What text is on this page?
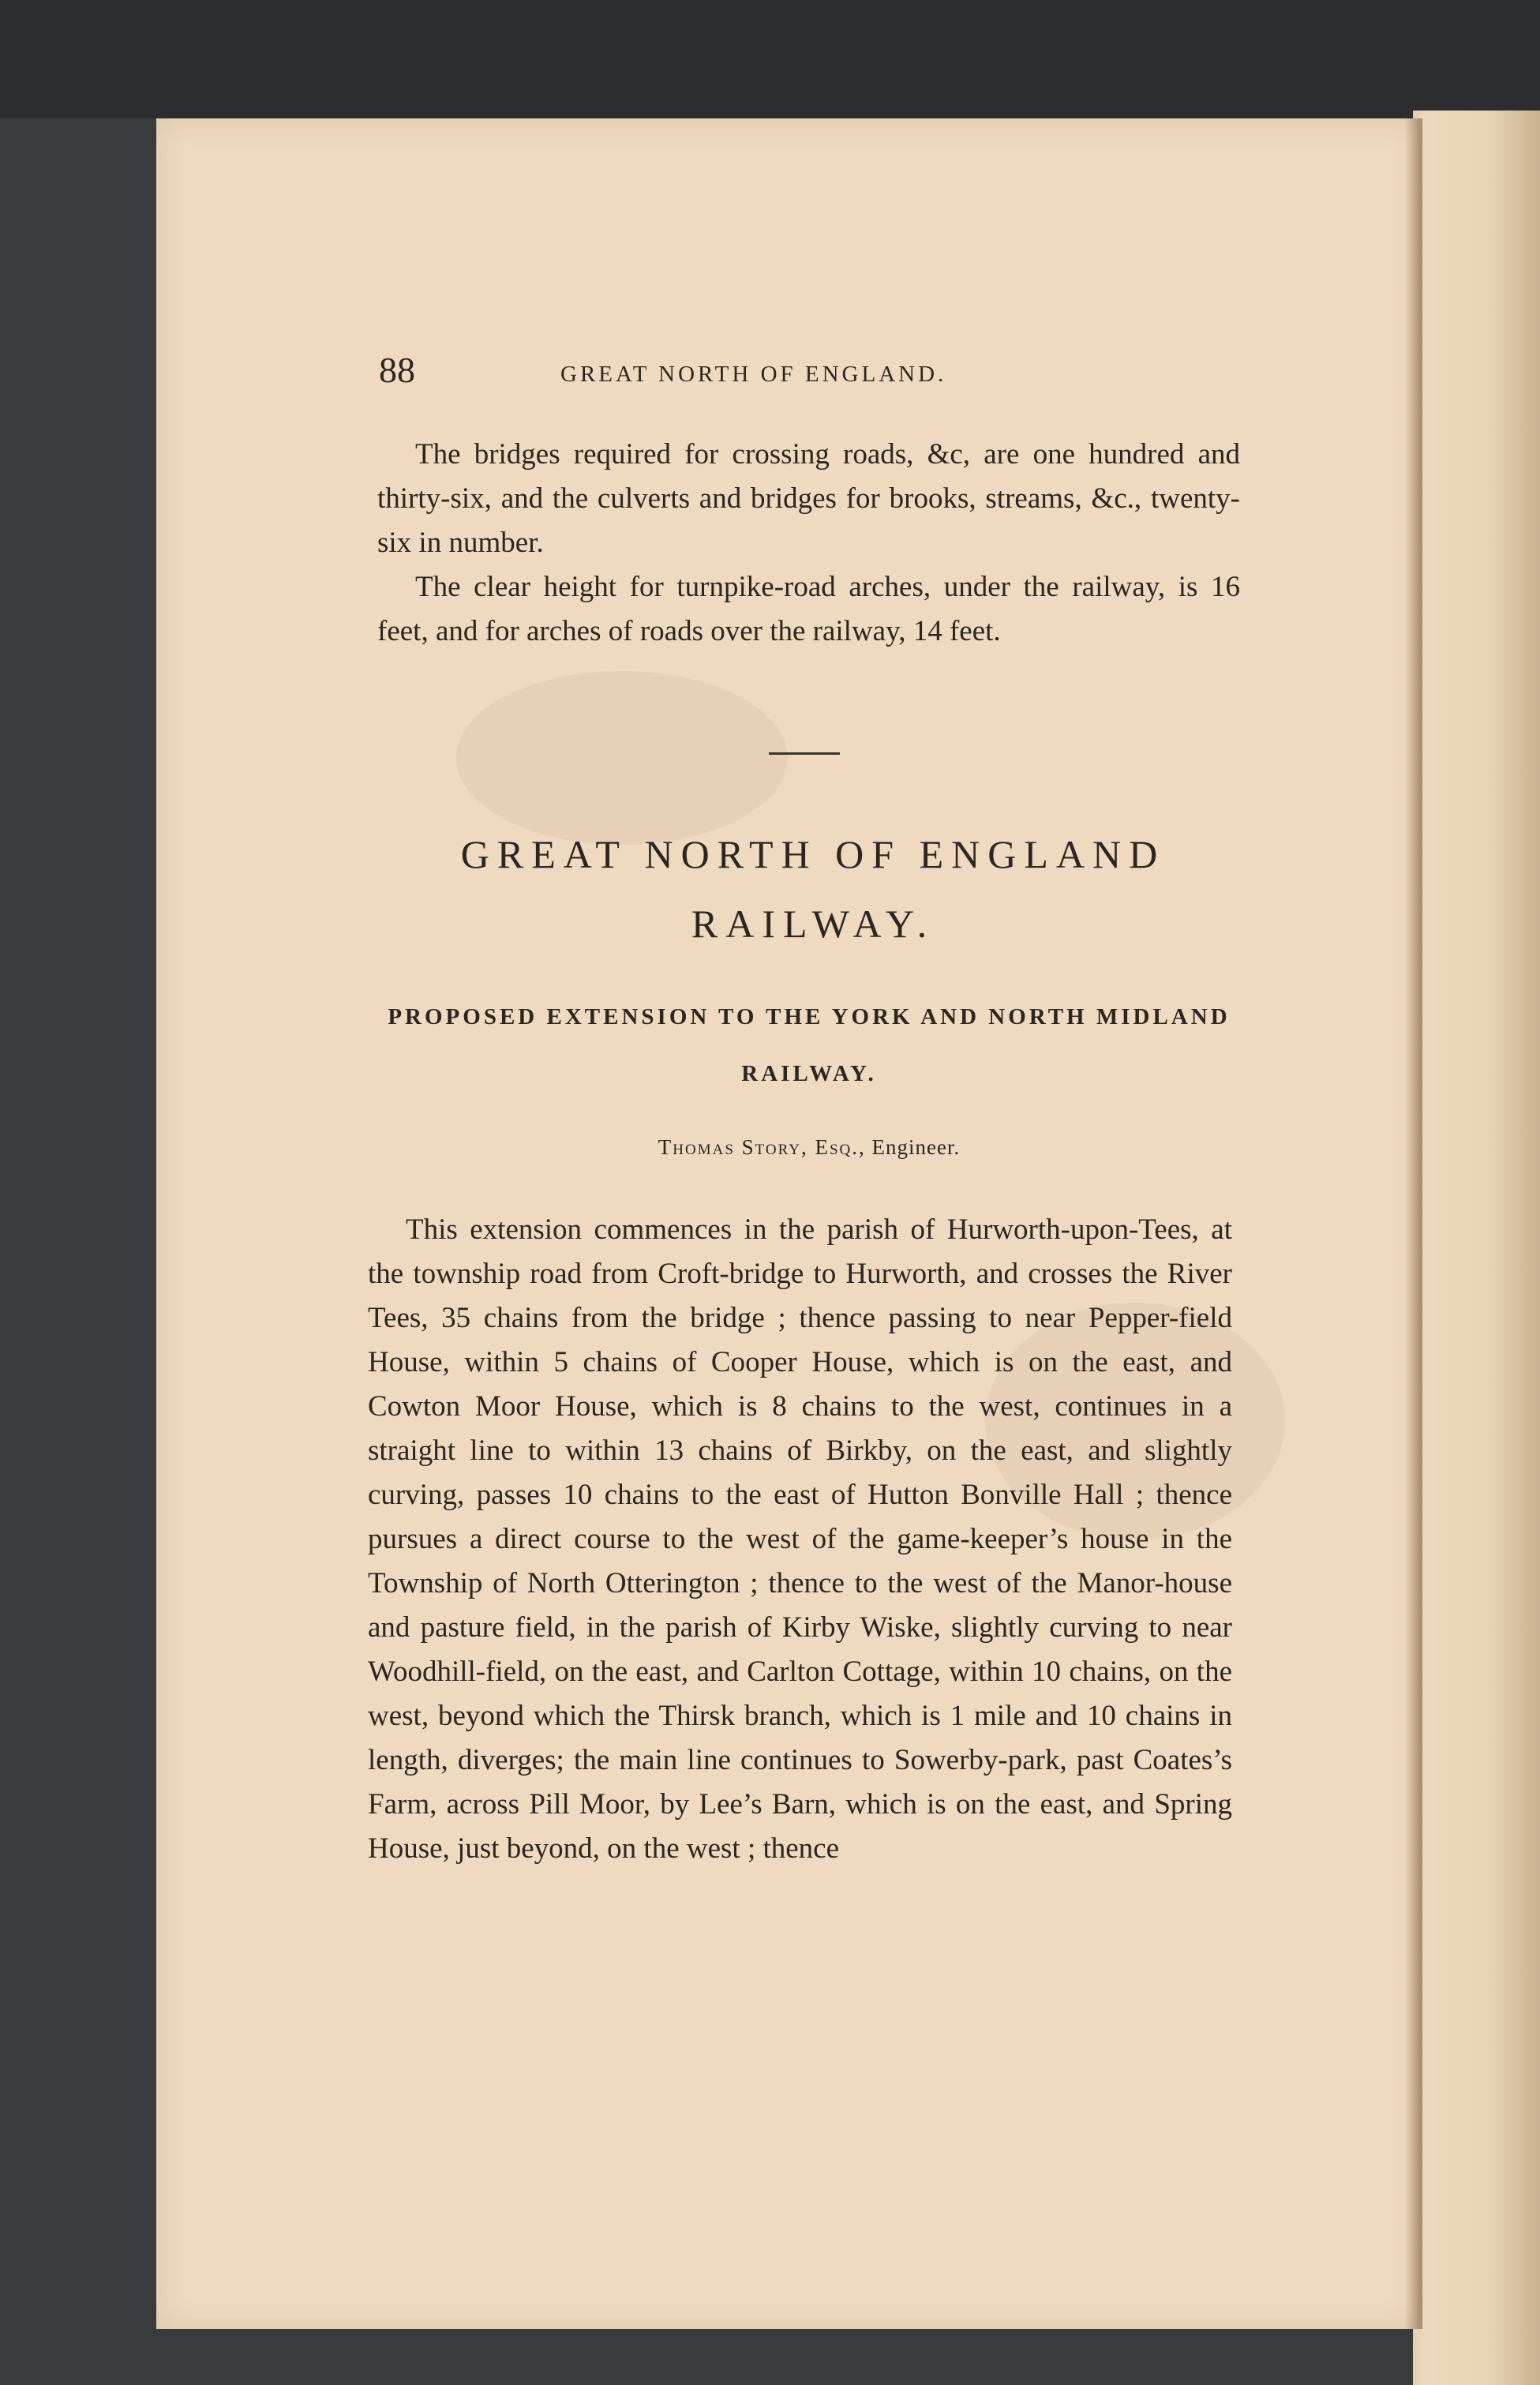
88	GREAT NORTH OF ENGLAND.
The bridges required for crossing roads, &c, are one hundred and thirty-six, and the culverts and bridges for brooks, streams, &c., twenty-six in number.
The clear height for turnpike-road arches, under the railway, is 16 feet, and for arches of roads over the railway, 14 feet.
GREAT NORTH OF ENGLAND
RAILWAY.
PROPOSED EXTENSION TO THE YORK AND NORTH MIDLAND RAILWAY.
Thomas Story, Esq., Engineer.
This extension commences in the parish of Hurworth-upon-Tees, at the township road from Croft-bridge to Hurworth, and crosses the River Tees, 35 chains from the bridge ; thence passing to near Pepper-field House, within 5 chains of Cooper House, which is on the east, and Cowton Moor House, which is 8 chains to the west, continues in a straight line to within 13 chains of Birkby, on the east, and slightly curving, passes 10 chains to the east of Hutton Bonville Hall ; thence pursues a direct course to the west of the game-keeper’s house in the Township of North Otterington ; thence to the west of the Manor-house and pasture field, in the parish of Kirby Wiske, slightly curving to near Woodhill-field, on the east, and Carlton Cottage, within 10 chains, on the west, beyond which the Thirsk branch, which is 1 mile and 10 chains in length, diverges; the main line continues to Sowerby-park, past Coates’s Farm, across Pill Moor, by Lee’s Barn, which is on the east, and Spring House, just beyond, on the west ; thence
